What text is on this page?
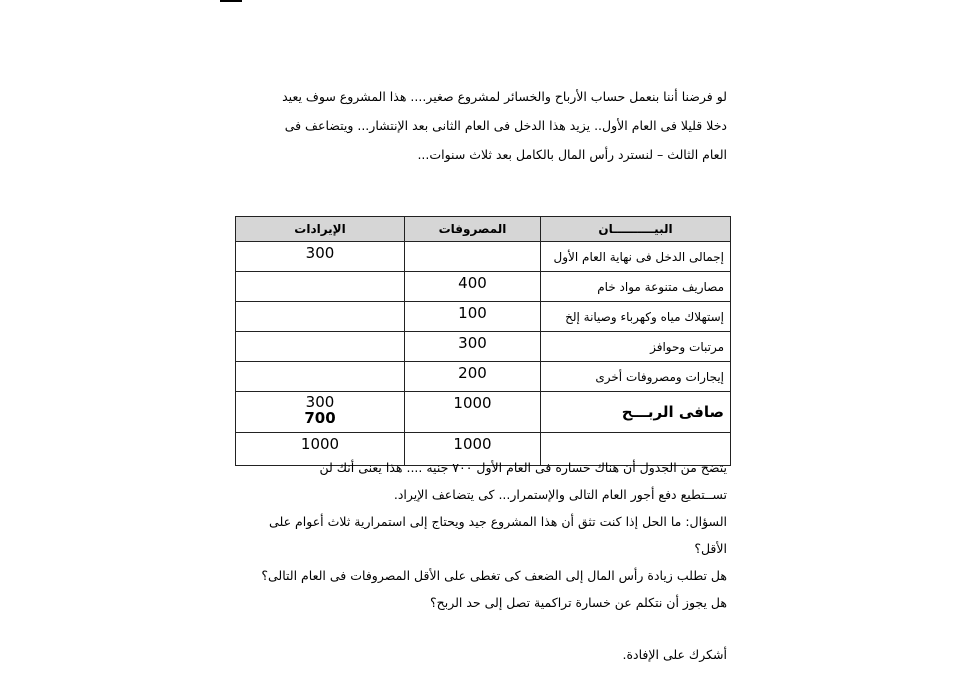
لو فرضنا أننا بنعمل حساب الأرباح والخسائر لمشروع صغير.... هذا المشروع سوف يعيد
دخلا قليلا فى العام الأول.. يزيد هذا الدخل فى العام الثانى بعد الإنتشار... ويتضاعف فى
العام الثالث – لنسترد رأس المال بالكامل بعد ثلاث سنوات...
البيــــــــــان	المصروفات	الإيرادات
إجمالى الدخل فى نهاية العام الأول		300
مصاريف متنوعة مواد خام	400	
إستهلاك مياه وكهرباء وصيانة إلخ	100	
مرتبات وحوافز	300	
إيجارات ومصروفات أخرى	200	
صافى الربـــح	1000	300
700

	1000	1000
يتضح من الجدول أن هناك خسارة فى العام الأول ٧٠٠ جنيه .... هذا يعنى أنك لن
تســتطيع دفع أجور العام التالى والإستمرار... كى يتضاعف الإيراد.
السؤال: ما الحل إذا كنت تثق أن هذا المشروع جيد ويحتاج إلى استمرارية ثلاث أعوام على
الأقل؟
هل تطلب زيادة رأس المال إلى الضعف كى تغطى على الأقل المصروفات فى العام التالى؟
هل يجوز أن نتكلم عن خسارة تراكمية تصل إلى حد الربح؟
أشكرك على الإفادة.
